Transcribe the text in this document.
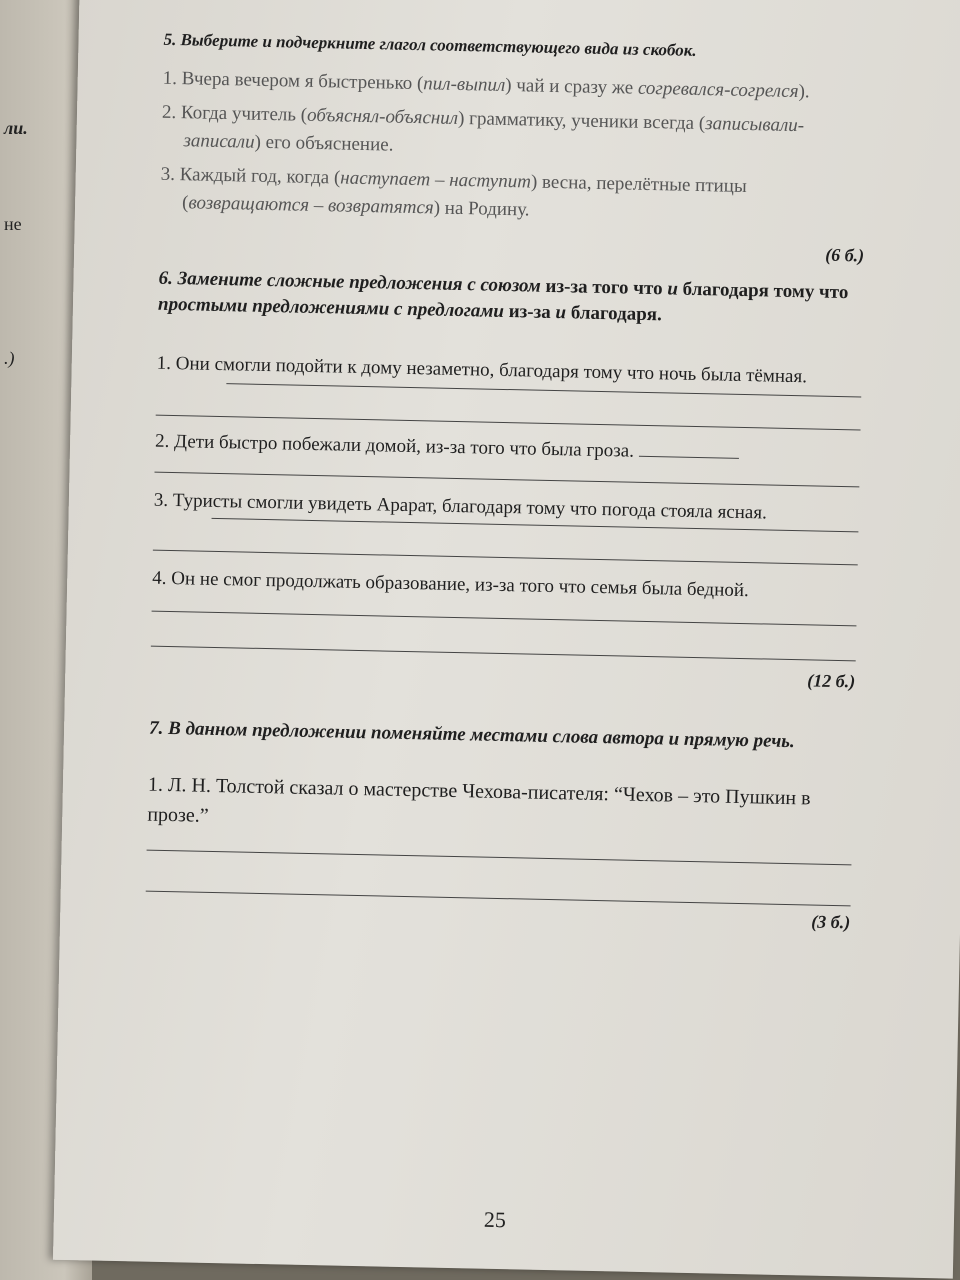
ли.
не
.)

5. Выберите и подчеркните глагол соответствующего вида из скобок.

1. Вчера вечером я быстренько (пил-выпил) чай и сразу же согревался-согрелся).

2. Когда учитель (объяснял-объяснил) грамматику, ученики всегда (записывали-записали) его объяснение.

3. Каждый год, когда (наступает – наступит) весна, перелётные птицы (возвращаются – возвратятся) на Родину.

(6 б.)

6. Замените сложные предложения с союзом из-за того что и благодаря тому что простыми предложениями с предлогами из-за и благодаря.

1. Они смогли подойти к дому незаметно, благодаря тому что ночь была тёмная.

2. Дети быстро побежали домой, из-за того что была гроза.

3. Туристы смогли увидеть Арарат, благодаря тому что погода стояла ясная.

4. Он не смог продолжать образование, из-за того что семья была бедной.

(12 б.)

7. В данном предложении поменяйте местами слова автора и прямую речь.

1. Л. Н. Толстой сказал о мастерстве Чехова-писателя: “Чехов – это Пушкин в прозе.”

(3 б.)

25
